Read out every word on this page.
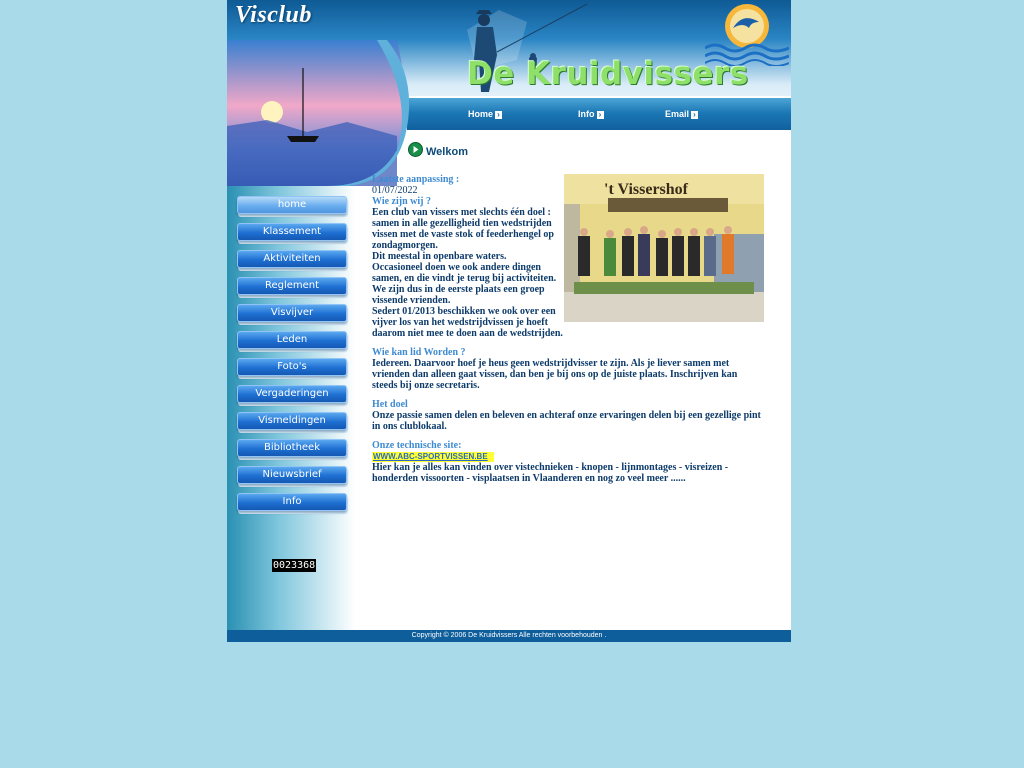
Visclub
De Kruidvissers
Home ›	Info ›	Email ›
home
Klassement
Aktiviteiten
Reglement
Visvijver
Leden
Foto's
Vergaderingen
Vismeldingen
Bibliotheek
Nieuwsbrief
Info
0023368
Welkom
't Vissershof

Laatste aanpassing :

01/07/2022

Wie zijn wij ?

Een club van vissers met slechts één doel :

samen in alle gezelligheid tien wedstrijden

vissen met de vaste stok of feederhengel op

zondagmorgen.

Dit meestal in openbare waters.

Occasioneel doen we ook andere dingen

samen, en die vindt je terug bij activiteiten.

We zijn dus in de eerste plaats een groep

vissende vrienden.

Sedert 01/2013 beschikken we ook over een

vijver los van het wedstrijdvissen je hoeft

daarom niet mee te doen aan de wedstrijden.

Wie kan lid Worden ?

Iedereen. Daarvoor hoef je heus geen wedstrijdvisser te zijn. Als je liever samen met vrienden dan alleen gaat vissen, dan ben je bij ons op de juiste plaats. Inschrijven kan steeds bij onze secretaris.

Het doel

Onze passie samen delen en beleven en achteraf onze ervaringen delen bij een gezellige pint in ons clublokaal.

Onze technische site:

WWW.ABC-SPORTVISSEN.BE

Hier kan je alles kan vinden over vistechnieken - knopen - lijnmontages - visreizen - honderden vissoorten - visplaatsen in Vlaanderen en nog zo veel meer ......

Copyright © 2006 De Kruidvissers Alle rechten voorbehouden .
